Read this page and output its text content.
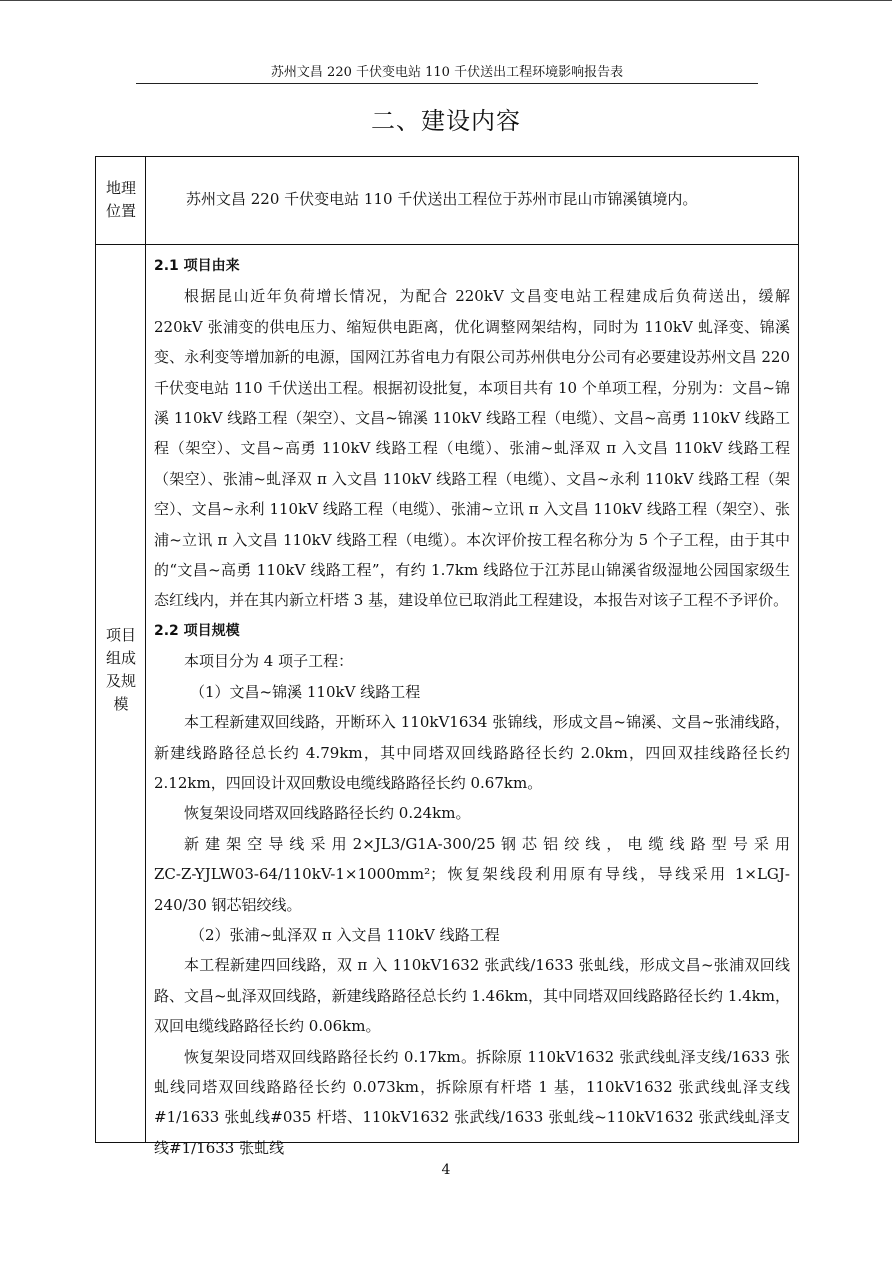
苏州文昌 220 千伏变电站 110 千伏送出工程环境影响报告表
二、建设内容
地理位置
苏州文昌 220 千伏变电站 110 千伏送出工程位于苏州市昆山市锦溪镇境内。
项目组成及规模

2.1 项目由来

根据昆山近年负荷增长情况，为配合 220kV 文昌变电站工程建成后负荷送出，缓解 220kV 张浦变的供电压力、缩短供电距离，优化调整网架结构，同时为 110kV 虬泽变、锦溪变、永利变等增加新的电源，国网江苏省电力有限公司苏州供电分公司有必要建设苏州文昌 220 千伏变电站 110 千伏送出工程。根据初设批复，本项目共有 10 个单项工程，分别为：文昌~锦溪 110kV 线路工程（架空）、文昌~锦溪 110kV 线路工程（电缆）、文昌~高勇 110kV 线路工程（架空）、文昌~高勇 110kV 线路工程（电缆）、张浦~虬泽双 π 入文昌 110kV 线路工程（架空）、张浦~虬泽双 π 入文昌 110kV 线路工程（电缆）、文昌~永利 110kV 线路工程（架空）、文昌~永利 110kV 线路工程（电缆）、张浦~立讯 π 入文昌 110kV 线路工程（架空）、张浦~立讯 π 入文昌 110kV 线路工程（电缆）。本次评价按工程名称分为 5 个子工程，由于其中的“文昌~高勇 110kV 线路工程”，有约 1.7km 线路位于江苏昆山锦溪省级湿地公园国家级生态红线内，并在其内新立杆塔 3 基，建设单位已取消此工程建设，本报告对该子工程不予评价。

2.2 项目规模

本项目分为 4 项子工程：

（1）文昌~锦溪 110kV 线路工程

本工程新建双回线路，开断环入 110kV1634 张锦线，形成文昌~锦溪、文昌~张浦线路，新建线路路径总长约 4.79km，其中同塔双回线路路径长约 2.0km，四回双挂线路径长约 2.12km，四回设计双回敷设电缆线路路径长约 0.67km。

恢复架设同塔双回线路路径长约 0.24km。

新 建 架 空 导 线 采 用 2×JL3/G1A-300/25 钢 芯 铝 绞 线 ， 电 缆 线 路 型 号 采 用

ZC-Z-YJLW03-64/110kV-1×1000mm²；恢复架线段利用原有导线，导线采用 1×LGJ-240/30 钢芯铝绞线。

（2）张浦~虬泽双 π 入文昌 110kV 线路工程

本工程新建四回线路，双 π 入 110kV1632 张武线/1633 张虬线，形成文昌~张浦双回线路、文昌~虬泽双回线路，新建线路路径总长约 1.46km，其中同塔双回线路路径长约 1.4km，双回电缆线路路径长约 0.06km。

恢复架设同塔双回线路路径长约 0.17km。拆除原 110kV1632 张武线虬泽支线/1633 张虬线同塔双回线路路径长约 0.073km，拆除原有杆塔 1 基，110kV1632 张武线虬泽支线#1/1633 张虬线#035 杆塔、110kV1632 张武线/1633 张虬线~110kV1632 张武线虬泽支线#1/1633 张虬线

4
